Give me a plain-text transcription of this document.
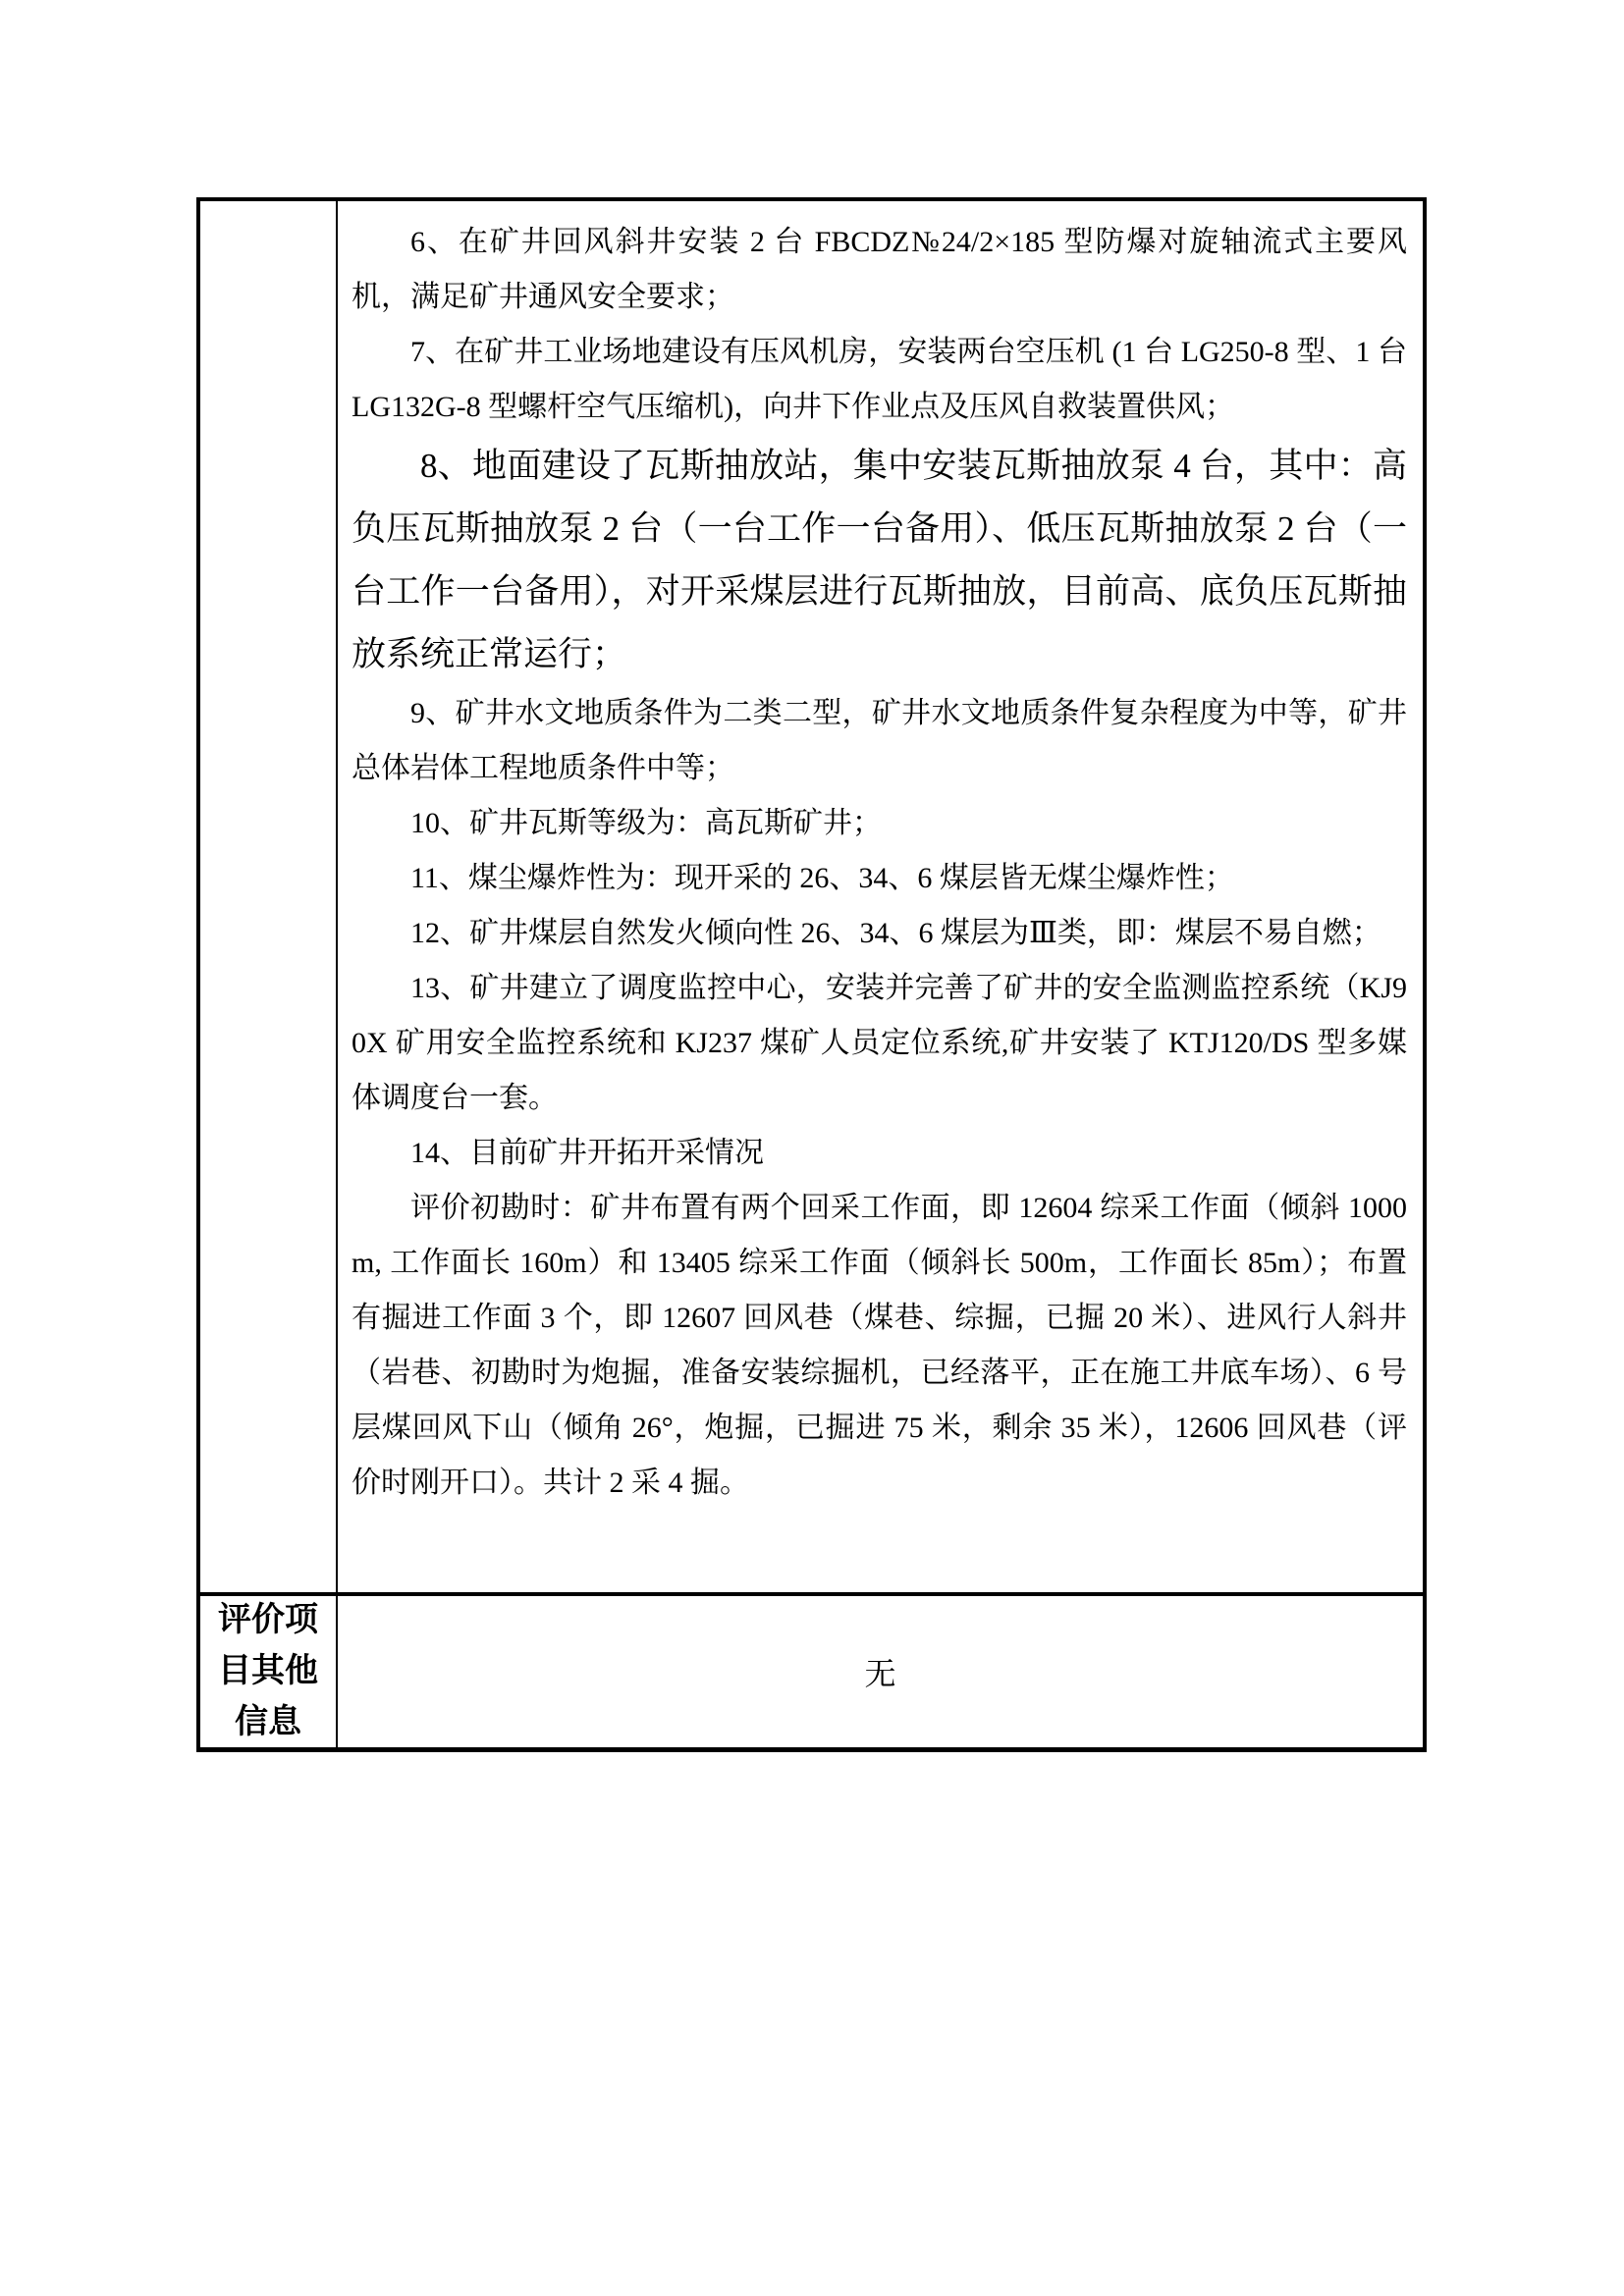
6、在矿井回风斜井安装 2 台 FBCDZ№24/2×185 型防爆对旋轴流式主要风机，满足矿井通风安全要求；

7、在矿井工业场地建设有压风机房，安装两台空压机 (1 台 LG250-8 型、1 台 LG132G-8 型螺杆空气压缩机)，向井下作业点及压风自救装置供风；

8、地面建设了瓦斯抽放站，集中安装瓦斯抽放泵 4 台，其中：高负压瓦斯抽放泵 2 台（一台工作一台备用）、低压瓦斯抽放泵 2 台（一台工作一台备用），对开采煤层进行瓦斯抽放，目前高、底负压瓦斯抽放系统正常运行；

9、矿井水文地质条件为二类二型，矿井水文地质条件复杂程度为中等，矿井总体岩体工程地质条件中等；

10、矿井瓦斯等级为：高瓦斯矿井；

11、煤尘爆炸性为：现开采的 26、34、6 煤层皆无煤尘爆炸性；

12、矿井煤层自然发火倾向性 26、34、6 煤层为Ⅲ类，即：煤层不易自燃；

13、矿井建立了调度监控中心，安装并完善了矿井的安全监测监控系统（KJ90X 矿用安全监控系统和 KJ237 煤矿人员定位系统,矿井安装了 KTJ120/DS 型多媒体调度台一套。

14、目前矿井开拓开采情况

评价初勘时：矿井布置有两个回采工作面，即 12604 综采工作面（倾斜 1000m, 工作面长 160m）和 13405 综采工作面（倾斜长 500m，工作面长 85m）；布置有掘进工作面 3 个，即 12607 回风巷（煤巷、综掘，已掘 20 米）、进风行人斜井（岩巷、初勘时为炮掘，准备安装综掘机，已经落平，正在施工井底车场）、6 号层煤回风下山（倾角 26°，炮掘，已掘进 75 米，剩余 35 米），12606 回风巷（评价时刚开口）。共计 2 采 4 掘。

评价项目其他信息
无
